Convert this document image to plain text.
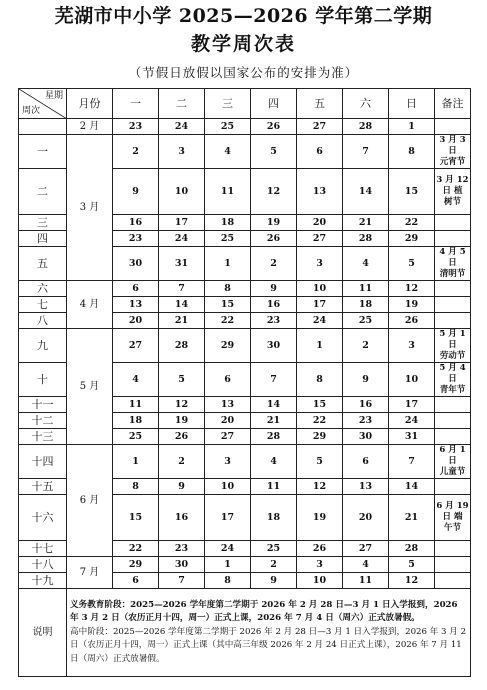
芜湖市中小学 2025—2026 学年第二学期
教学周次表
（节假日放假以国家公布的安排为准）
星期
周次	月份	一	二	三	四	五	六	日	备注
	2 月	23	24	25	26	27	28	1	
一	3 月	2	3	4	5	6	7	8	3 月 3 日
元宵节
二		9	10	11	12	13	14	15	3 月 12
日 植
树节
三		16	17	18	19	20	21	22	
四		23	24	25	26	27	28	29	
五		30	31	1	2	3	4	5	4 月 5 日
清明节
六	4 月	6	7	8	9	10	11	12	
七		13	14	15	16	17	18	19	
八		20	21	22	23	24	25	26	
九	5 月	27	28	29	30	1	2	3	5 月 1 日
劳动节
十		4	5	6	7	8	9	10	5 月 4 日
青年节
十一		11	12	13	14	15	16	17	
十二		18	19	20	21	22	23	24	
十三		25	26	27	28	29	30	31	
十四	6 月	1	2	3	4	5	6	7	6 月 1 日
儿童节
十五		8	9	10	11	12	13	14	
十六		15	16	17	18	19	20	21	6 月 19
日 端
午节
十七		22	23	24	25	26	27	28	
十八	7 月	29	30	1	2	3	4	5	
十九		6	7	8	9	10	11	12	
说明	义务教育阶段：2025—2026 学年度第二学期于 2026 年 2 月 28 日—3 月 1 日入学报到，2026 年 3 月 2 日（农历正月十四，周一）正式上课，2026 年 7 月 4 日（周六）正式放暑假。

高中阶段：2025—2026 学年度第二学期于 2026 年 2 月 28 日—3 月 1 日入学报到，2026 年 3 月 2 日（农历正月十四，周一）正式上课（其中高三年级 2026 年 2 月 24 日正式上课），2026 年 7 月 11 日（周六）正式放暑假。								
